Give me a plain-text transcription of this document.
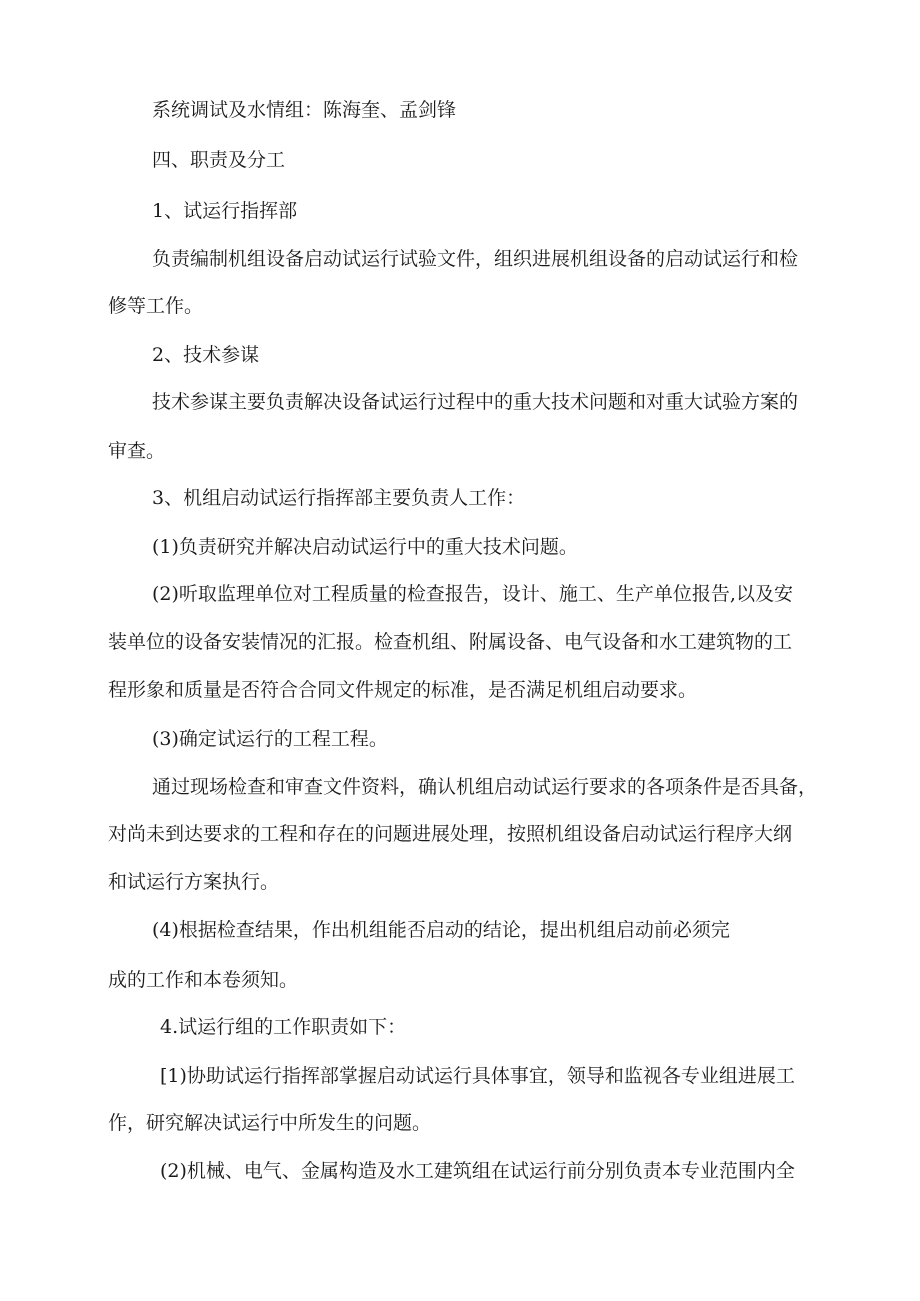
系统调试及水情组：陈海奎、孟剑锋
四、职责及分工
1、试运行指挥部
负责编制机组设备启动试运行试验文件，组织进展机组设备的启动试运行和检
修等工作。
2、技术参谋
技术参谋主要负责解决设备试运行过程中的重大技术问题和对重大试验方案的
审查。
3、机组启动试运行指挥部主要负责人工作：
(1)负责研究并解决启动试运行中的重大技术问题。
(2)听取监理单位对工程质量的检查报告，设计、施工、生产单位报告,以及安
装单位的设备安装情况的汇报。检查机组、附属设备、电气设备和水工建筑物的工
程形象和质量是否符合合同文件规定的标准，是否满足机组启动要求。
(3)确定试运行的工程工程。
通过现场检查和审查文件资料，确认机组启动试运行要求的各项条件是否具备，
对尚未到达要求的工程和存在的问题进展处理，按照机组设备启动试运行程序大纲
和试运行方案执行。
(4)根据检查结果，作出机组能否启动的结论，提出机组启动前必须完
成的工作和本卷须知。
4.试运行组的工作职责如下：
[1)协助试运行指挥部掌握启动试运行具体事宜，领导和监视各专业组进展工
作，研究解决试运行中所发生的问题。
(2)机械、电气、金属构造及水工建筑组在试运行前分别负责本专业范围内全
